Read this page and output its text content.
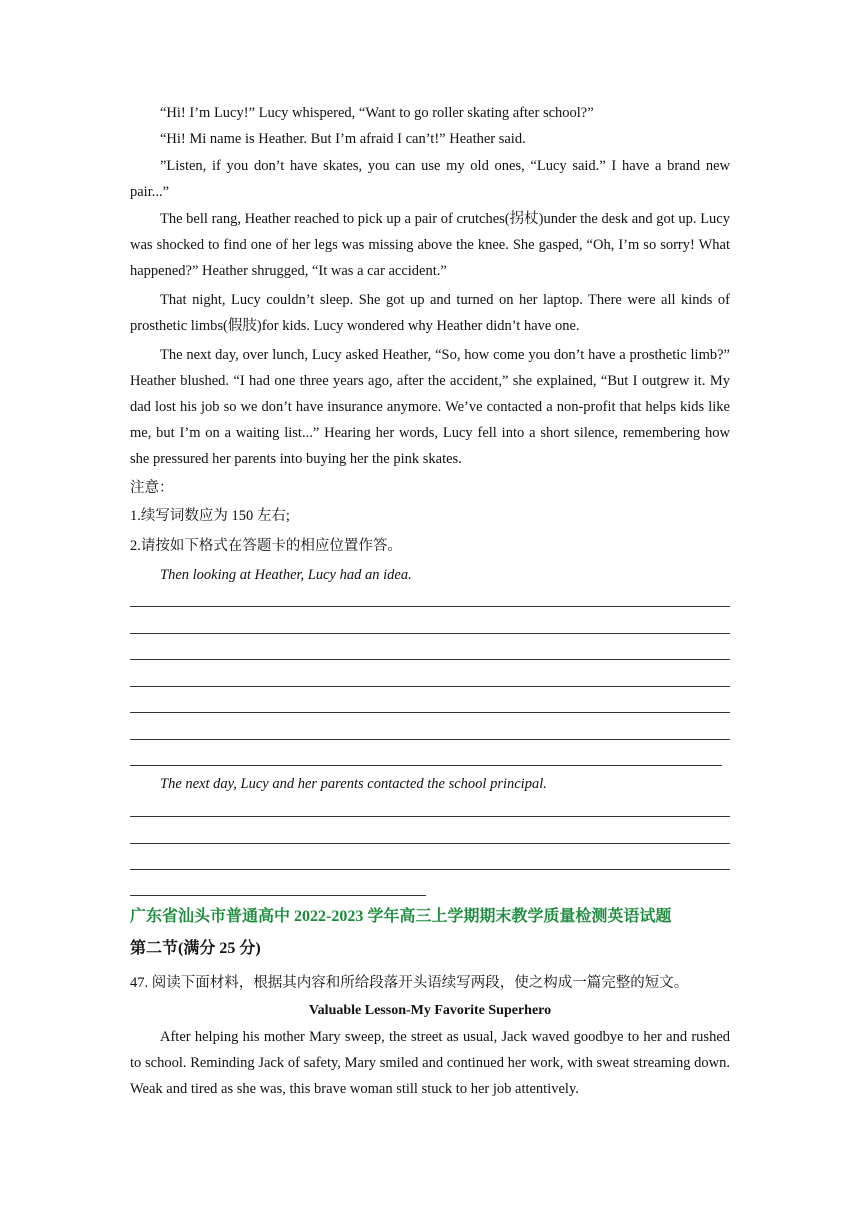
“Hi! I’m Lucy!” Lucy whispered, “Want to go roller skating after school?”

“Hi! Mi name is Heather. But I’m afraid I can’t!” Heather said.

”Listen, if you don’t have skates, you can use my old ones, “Lucy said.” I have a brand new pair...”

The bell rang, Heather reached to pick up a pair of crutches(拐杖)under the desk and got up. Lucy was shocked to find one of her legs was missing above the knee. She gasped, “Oh, I’m so sorry! What happened?” Heather shrugged, “It was a car accident.”

That night, Lucy couldn’t sleep. She got up and turned on her laptop. There were all kinds of prosthetic limbs(假肢)for kids. Lucy wondered why Heather didn’t have one.

The next day, over lunch, Lucy asked Heather, “So, how come you don’t have a prosthetic limb?” Heather blushed. “I had one three years ago, after the accident,” she explained, “But I outgrew it. My dad lost his job so we don’t have insurance anymore. We’ve contacted a non-profit that helps kids like me, but I’m on a waiting list...” Hearing her words, Lucy fell into a short silence, remembering how she pressured her parents into buying her the pink skates.

注意：

1.续写词数应为 150 左右;

2.请按如下格式在答题卡的相应位置作答。

Then looking at Heather, Lucy had an idea.

The next day, Lucy and her parents contacted the school principal.

广东省汕头市普通高中 2022-2023 学年高三上学期期末教学质量检测英语试题

第二节(满分 25 分)

47. 阅读下面材料，根据其内容和所给段落开头语续写两段，使之构成一篇完整的短文。

Valuable Lesson-My Favorite Superhero

After helping his mother Mary sweep, the street as usual, Jack waved goodbye to her and rushed to school. Reminding Jack of safety, Mary smiled and continued her work, with sweat streaming down. Weak and tired as she was, this brave woman still stuck to her job attentively.
